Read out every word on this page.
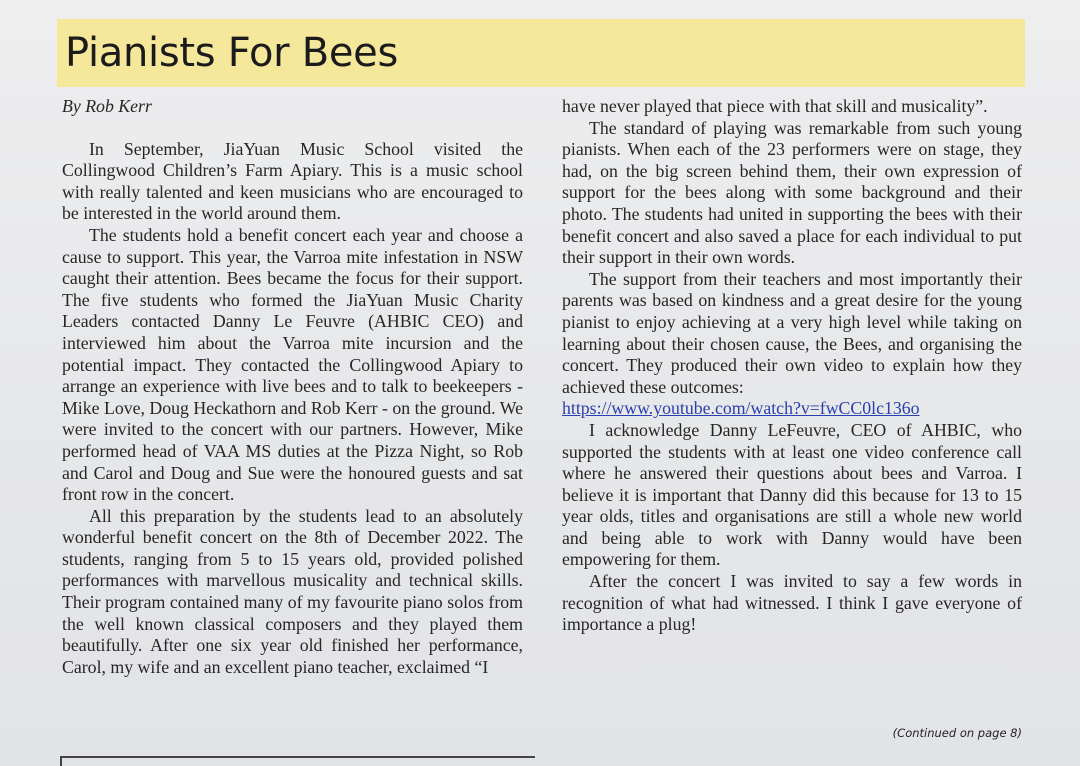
Pianists For Bees
By Rob Kerr

In September, JiaYuan Music School visited the Collingwood Children’s Farm Apiary. This is a music school with really talented and keen musicians who are encouraged to be interested in the world around them.

The students hold a benefit concert each year and choose a cause to support. This year, the Varroa mite infestation in NSW caught their attention. Bees became the focus for their support. The five students who formed the JiaYuan Music Charity Leaders contacted Danny Le Feuvre (AHBIC CEO) and interviewed him about the Varroa mite incursion and the potential impact. They contacted the Collingwood Apiary to arrange an experience with live bees and to talk to beekeepers - Mike Love, Doug Heckathorn and Rob Kerr - on the ground. We were invited to the concert with our partners. However, Mike performed head of VAA MS duties at the Pizza Night, so Rob and Carol and Doug and Sue were the honoured guests and sat front row in the concert.

All this preparation by the students lead to an absolutely wonderful benefit concert on the 8th of December 2022. The students, ranging from 5 to 15 years old, provided polished performances with marvellous musicality and technical skills. Their program contained many of my favourite piano solos from the well known classical composers and they played them beautifully. After one six year old finished her performance, Carol, my wife and an excellent piano teacher, exclaimed “I

have never played that piece with that skill and musicality”.

The standard of playing was remarkable from such young pianists. When each of the 23 performers were on stage, they had, on the big screen behind them, their own expression of support for the bees along with some background and their photo. The students had united in supporting the bees with their benefit concert and also saved a place for each individual to put their support in their own words.

The support from their teachers and most importantly their parents was based on kindness and a great desire for the young pianist to enjoy achieving at a very high level while taking on learning about their chosen cause, the Bees, and organising the concert. They produced their own video to explain how they achieved these outcomes:

https://www.youtube.com/watch?v=fwCC0lc136o

I acknowledge Danny LeFeuvre, CEO of AHBIC, who supported the students with at least one video conference call where he answered their questions about bees and Varroa. I believe it is important that Danny did this because for 13 to 15 year olds, titles and organisations are still a whole new world and being able to work with Danny would have been empowering for them.

After the concert I was invited to say a few words in recognition of what had witnessed. I think I gave everyone of importance a plug!

(Continued on page 8)
